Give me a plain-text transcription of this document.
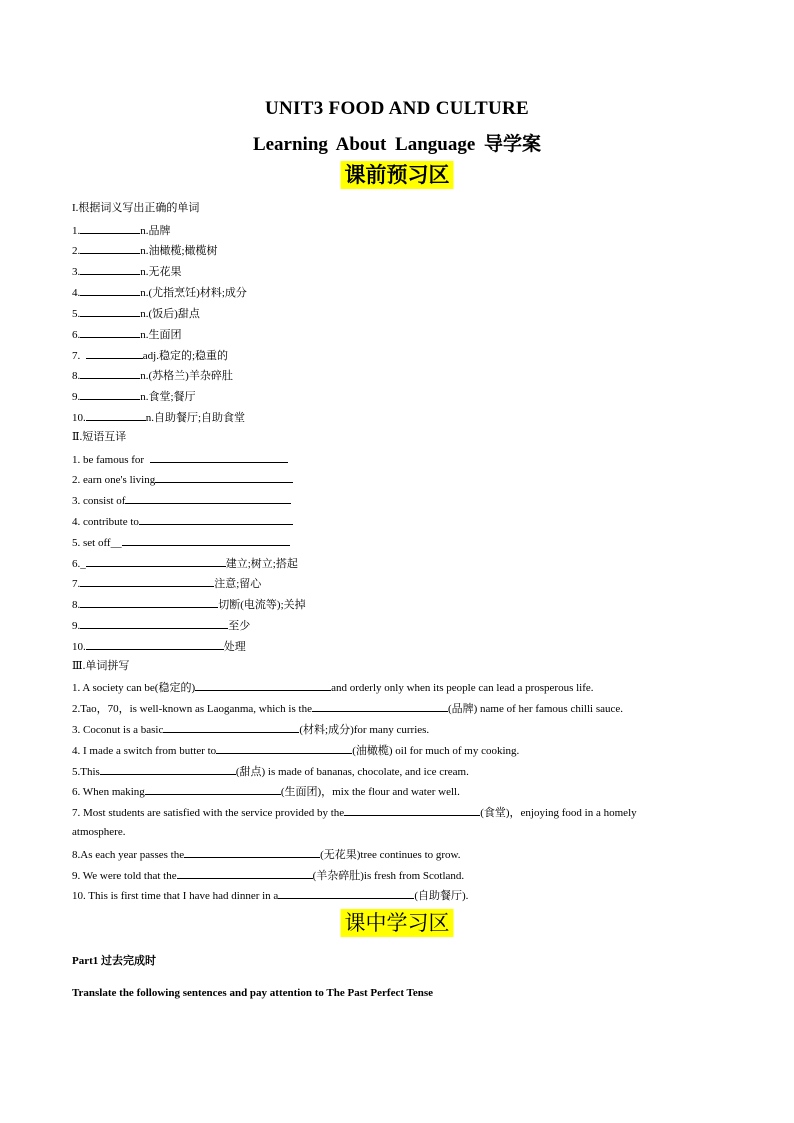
UNIT3 FOOD AND CULTURE
Learning About Language 导学案
课前预习区
I.根据词义写出正确的单词
1.	n.品牌
2.	n.油橄榄;橄榄树
3.	n.无花果
4.	n.(尤指烹饪)材料;成分
5.	n.(饭后)甜点
6.	n.生面团
7.	adj.稳定的;稳重的
8.	n.(苏格兰)羊杂碎肚
9.	n.食堂;餐厅
10.	n.自助餐厅;自助食堂
Ⅱ.短语互译
1. be famous for
2. earn one's living
3. consist of
4. contribute to
5. set off__
6._	建立;树立;搭起
7.	注意;留心
8.	切断(电流等);关掉
9.	至少
10.	处理
Ⅲ.单词拼写
1. A society can be(稳定的)	and orderly only when its people can lead a prosperous life.
2.Tao，70，is well-known as Laoganma, which is the	(品牌) name of her famous chilli sauce.
3. Coconut is a basic	(材料;成分)for many curries.
4. I made a switch from butter to	(油橄榄) oil for much of my cooking.
5.This	(甜点) is made of bananas, chocolate, and ice cream.
6. When making	(生面团)，mix the flour and water well.
7. Most students are satisfied with the service provided by the	(食堂)，enjoying food in a homely
atmosphere.
8.As each year passes the	(无花果)tree continues to grow.
9. We were told that the	(羊杂碎肚)is fresh from Scotland.
10. This is first time that I have had dinner in a	(自助餐厅).
课中学习区
Part1 过去完成时
Translate the following sentences and pay attention to The Past Perfect Tense
